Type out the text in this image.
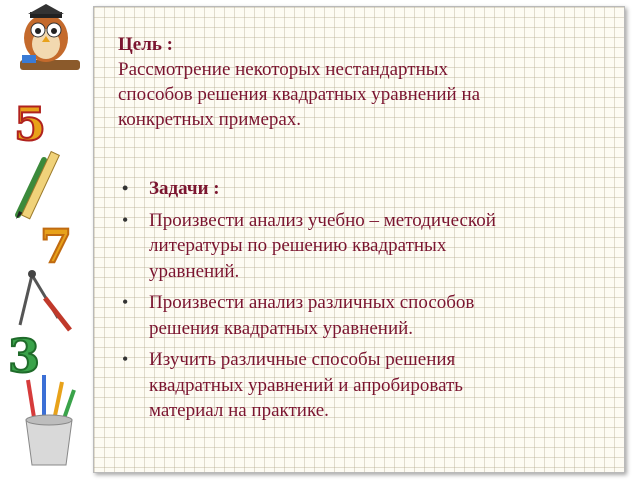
5
7
3
Цель :
Рассмотрение некоторых нестандартных
способов решения квадратных уравнений на
конкретных примерах.
• Задачи :
• Произвести анализ учебно – методической
литературы по решению квадратных
уравнений.
• Произвести анализ различных способов
решения квадратных уравнений.
• Изучить различные способы решения
квадратных уравнений и апробировать
материал на практике.
